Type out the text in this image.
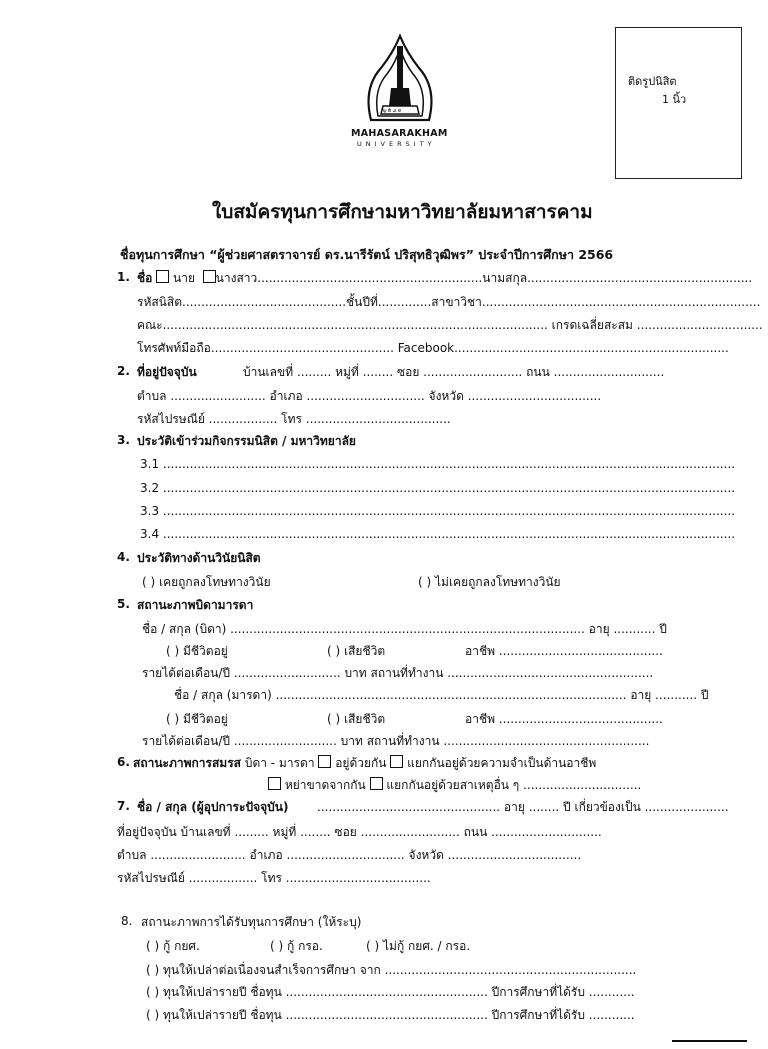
ພູ ທໍ ມ ຄ
MAHASARAKHAM
UNIVERSITY
ติดรูปนิสิต
1 นิ้ว
ใบสมัครทุนการศึกษามหาวิทยาลัยมหาสารคาม
ชื่อทุนการศึกษา “ผู้ช่วยศาสตราจารย์ ดร.นารีรัตน์ ปริสุทธิวุฒิพร” ประจำปีการศึกษา 2566
1. ชื่อ นาย นางสาว...........................................................นามสกุล...........................................................
รหัสนิสิต...........................................ชั้นปีที่..............สาขาวิชา.........................................................................
คณะ..................................................................................................... เกรดเฉลี่ยสะสม .................................
โทรศัพท์มือถือ................................................ Facebook........................................................................
2. ที่อยู่ปัจจุบัน	บ้านเลขที่ ......... หมู่ที่ ........ ซอย .......................... ถนน .............................
ตำบล ......................... อำเภอ ............................... จังหวัด ...................................
รหัสไปรษณีย์ .................. โทร ......................................
3. ประวัติเข้าร่วมกิจกรรมนิสิต / มหาวิทยาลัย
3.1 ......................................................................................................................................................
3.2 ......................................................................................................................................................
3.3 ......................................................................................................................................................
3.4 ......................................................................................................................................................
4. ประวัติทางด้านวินัยนิสิต
( ) เคยถูกลงโทษทางวินัย	( ) ไม่เคยถูกลงโทษทางวินัย
5. สถานะภาพบิดามารดา
ชื่อ / สกุล (บิดา) ............................................................................................. อายุ ........... ปี
( ) มีชีวิตอยู่	( ) เสียชีวิต	อาชีพ ...........................................
รายได้ต่อเดือน/ปี ............................ บาท สถานที่ทำงาน ......................................................
ชื่อ / สกุล (มารดา) ............................................................................................ อายุ ........... ปี
( ) มีชีวิตอยู่	( ) เสียชีวิต	อาชีพ ...........................................
รายได้ต่อเดือน/ปี ........................... บาท สถานที่ทำงาน ......................................................
6. สถานะภาพการสมรส บิดา - มารดา อยู่ด้วยกัน แยกกันอยู่ด้วยความจำเป็นด้านอาชีพ
หย่าขาดจากกัน แยกกันอยู่ด้วยสาเหตุอื่น ๆ ...............................
7. ชื่อ / สกุล (ผู้อุปการะปัจจุบัน) ................................................ อายุ ........ ปี เกี่ยวข้องเป็น ......................
ที่อยู่ปัจจุบัน บ้านเลขที่ ......... หมู่ที่ ........ ซอย .......................... ถนน .............................
ตำบล ......................... อำเภอ ............................... จังหวัด ...................................
รหัสไปรษณีย์ .................. โทร ......................................
8. สถานะภาพการได้รับทุนการศึกษา (ให้ระบุ)
( ) กู้ กยศ.	( ) กู้ กรอ.	( ) ไม่กู้ กยศ. / กรอ.
( ) ทุนให้เปล่าต่อเนื่องจนสำเร็จการศึกษา จาก ..................................................................
( ) ทุนให้เปล่ารายปี ชื่อทุน ..................................................... ปีการศึกษาที่ได้รับ ............
( ) ทุนให้เปล่ารายปี ชื่อทุน ..................................................... ปีการศึกษาที่ได้รับ ............
